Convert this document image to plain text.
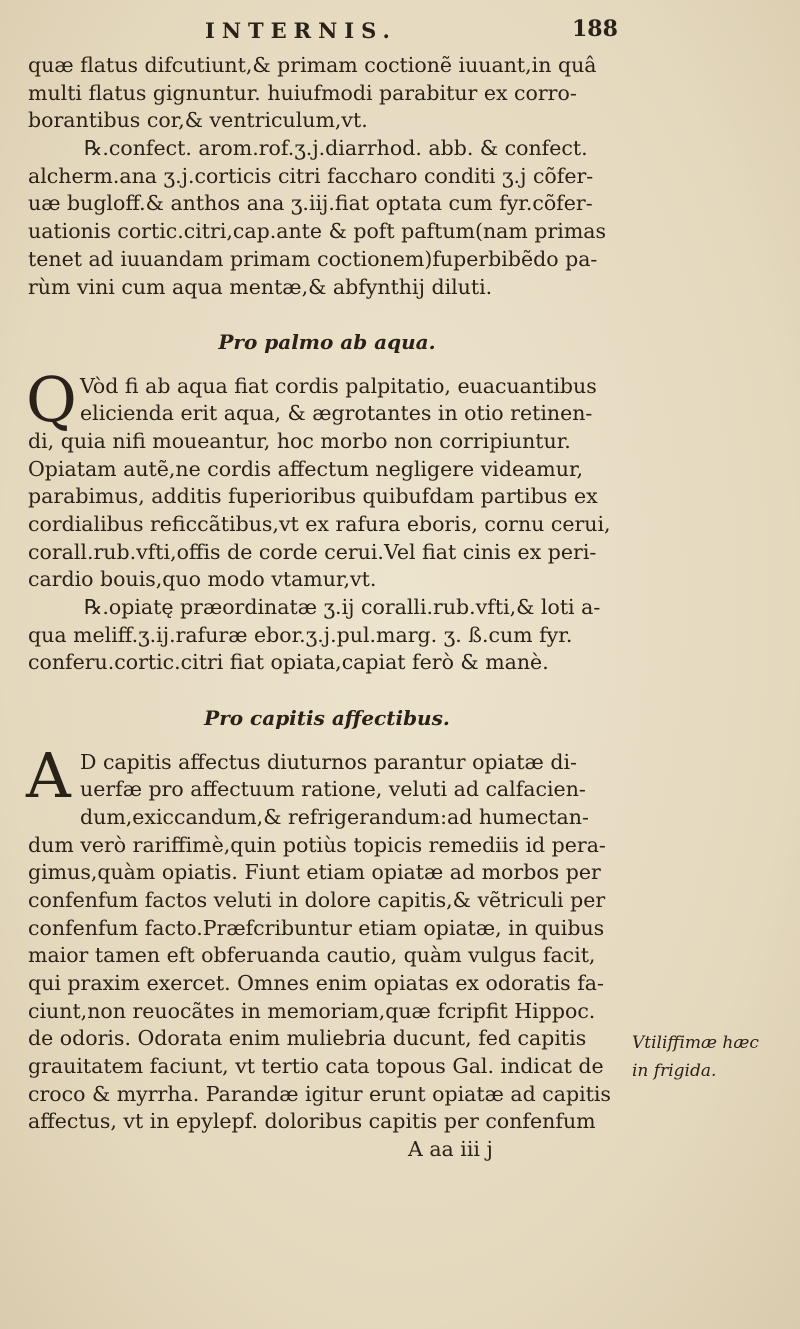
INTERNIS.	188
quæ flatus difcutiunt,& primam coctionẽ iuuant,in quâ
multi flatus gignuntur. huiufmodi parabitur ex corro-
borantibus cor,& ventriculum,vt.
℞.confect. arom.rof.ʒ.j.diarrhod. abb. & confect.
alcherm.ana ʒ.j.corticis citri faccharo conditi ʒ.j cõfer-
uæ bugloff.& anthos ana ʒ.iij.fiat optata cum fyr.cõfer-
uationis cortic.citri,cap.ante & poft paftum(nam primas
tenet ad iuuandam primam coctionem)fuperbibẽdo pa-
rùm vini cum aqua mentæ,& abfynthij diluti.
Pro palmo ab aqua.
Q Vòd fi ab aqua fiat cordis palpitatio, euacuantibus
elicienda erit aqua, & ægrotantes in otio retinen-
di, quia nifi moueantur, hoc morbo non corripiuntur.
Opiatam autẽ,ne cordis affectum negligere videamur,
parabimus, additis fuperioribus quibufdam partibus ex
cordialibus reficcãtibus,vt ex rafura eboris, cornu cerui,
corall.rub.vfti,offis de corde cerui.Vel fiat cinis ex peri-
cardio bouis,quo modo vtamur,vt.
℞.opiatę præordinatæ ʒ.ij coralli.rub.vfti,& loti a-
qua meliff.ʒ.ij.rafuræ ebor.ʒ.j.pul.marg. ʒ. ß.cum fyr.
conferu.cortic.citri fiat opiata,capiat ferò & manè.
Pro capitis affectibus.
A D capitis affectus diuturnos parantur opiatæ di-
uerfæ pro affectuum ratione, veluti ad calfacien-
dum,exiccandum,& refrigerandum:ad humectan-
dum verò rariffimè,quin potiùs topicis remediis id pera-
gimus,quàm opiatis. Fiunt etiam opiatæ ad morbos per
confenfum factos veluti in dolore capitis,& vẽtriculi per
confenfum facto.Præfcribuntur etiam opiatæ, in quibus
maior tamen eft obferuanda cautio, quàm vulgus facit,
qui praxim exercet. Omnes enim opiatas ex odoratis fa-
ciunt,non reuocãtes in memoriam,quæ fcripfit Hippoc.
de odoris. Odorata enim muliebria ducunt, fed capitis
grauitatem faciunt, vt tertio cata topous Gal. indicat de
croco & myrrha. Parandæ igitur erunt opiatæ ad capitis
affectus, vt in epylepf. doloribus capitis per confenfum
A aa iii j
Vtiliffimæ hæc
in frigida.
